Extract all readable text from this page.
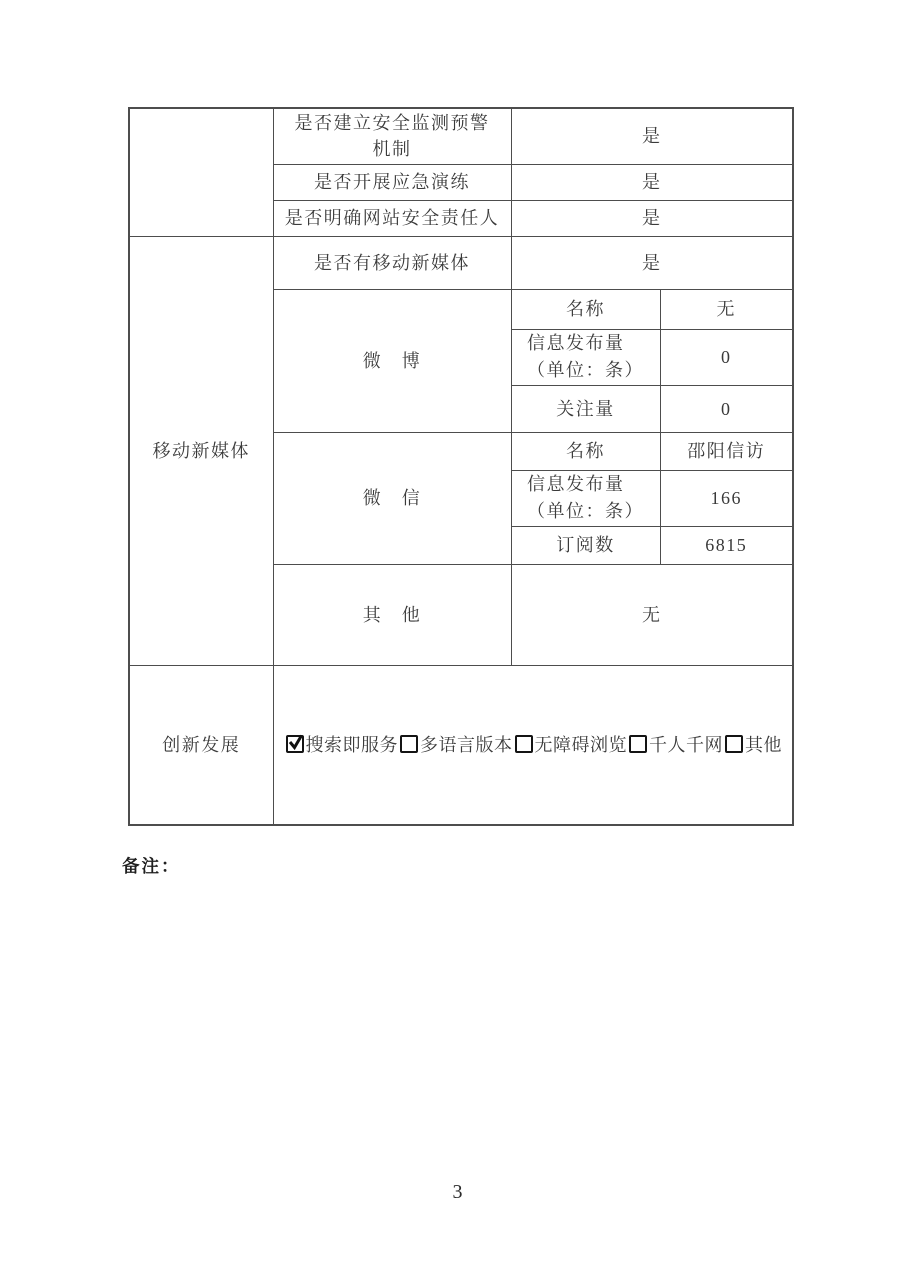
	是否建立安全监测预警
机制	是	
	是否开展应急演练	是	
	是否明确网站安全责任人	是	
移动新媒体	是否有移动新媒体	是	
	微　博	名称	无

		信息发布量
（单位：条）	0
		关注量	0
	微　信	名称	邵阳信访

		信息发布量
（单位：条）	166
		订阅数	6815
	其　他	无	
创新发展	搜索即服务 多语言版本 无障碍浏览 千人千网 其他		
备注：
3
